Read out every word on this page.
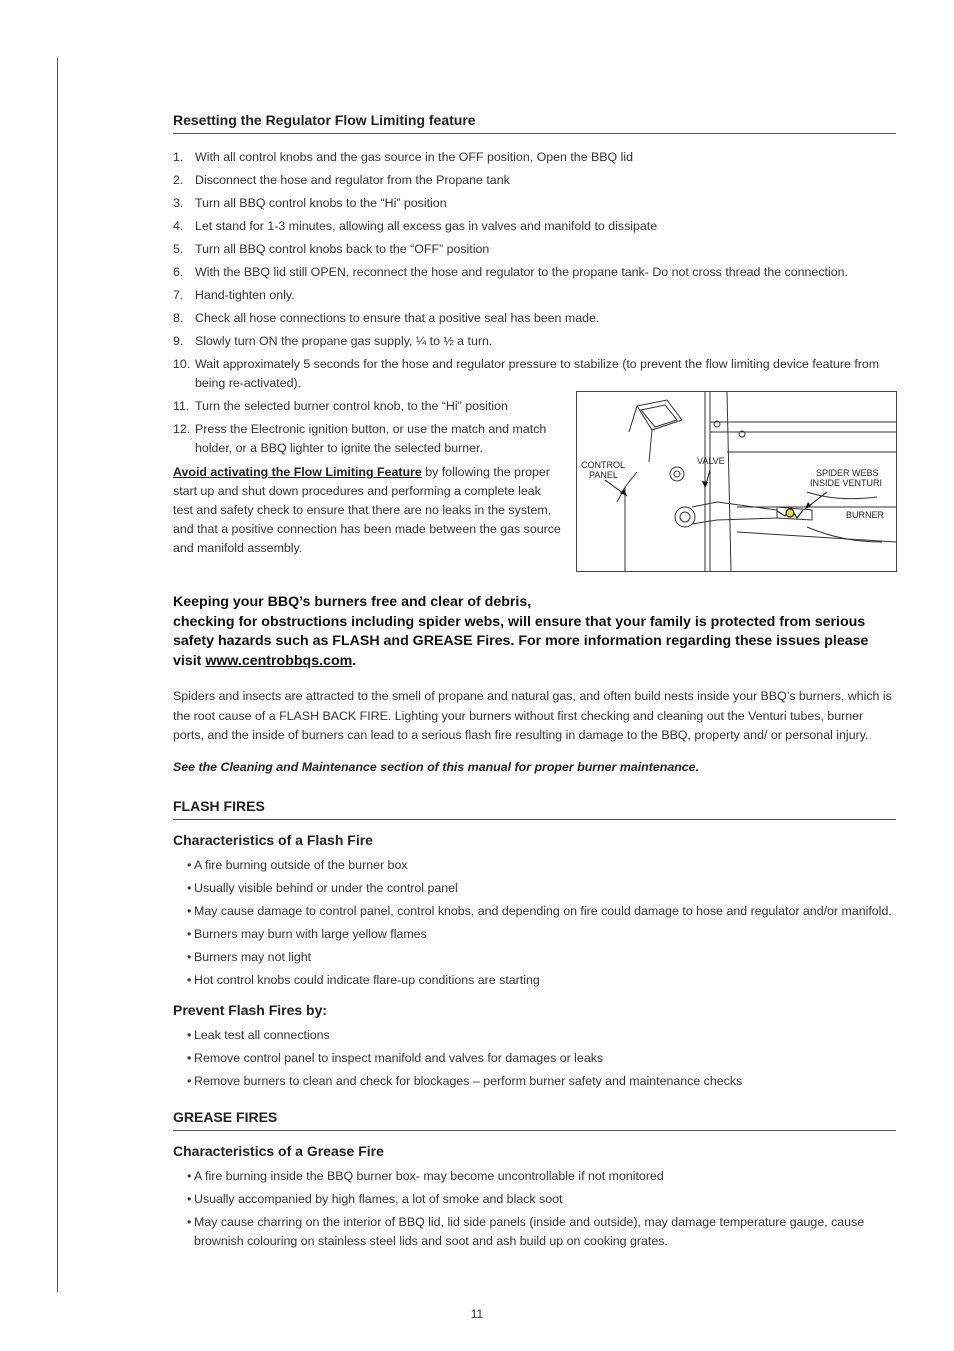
Resetting the Regulator Flow Limiting feature
1. With all control knobs and the gas source in the OFF position, Open the BBQ lid
2. Disconnect the hose and regulator from the Propane tank
3. Turn all BBQ control knobs to the “Hi” position
4. Let stand for 1-3 minutes, allowing all excess gas in valves and manifold to dissipate
5. Turn all BBQ control knobs back to the “OFF” position
6. With the BBQ lid still OPEN, reconnect the hose and regulator to the propane tank- Do not cross thread the connection.
7. Hand-tighten only.
8. Check all hose connections to ensure that a positive seal has been made.
9. Slowly turn ON the propane gas supply, ¼ to ½ a turn.
10. Wait approximately 5 seconds for the hose and regulator pressure to stabilize (to prevent the flow limiting device feature from being re-activated).
11. Turn the selected burner control knob, to the “Hi” position
12. Press the Electronic ignition button, or use the match and match holder, or a BBQ lighter to ignite the selected burner.
Avoid activating the Flow Limiting Feature by following the proper start up and shut down procedures and performing a complete leak test and safety check to ensure that there are no leaks in the system, and that a positive connection has been made between the gas source and manifold assembly.
CONTROL
PANEL
VALVE
SPIDER WEBS
INSIDE VENTURI
BURNER
Keeping your BBQ’s burners free and clear of debris,
checking for obstructions including spider webs, will ensure that your family is protected from serious safety hazards such as FLASH and GREASE Fires. For more information regarding these issues please visit www.centrobbqs.com.

Spiders and insects are attracted to the smell of propane and natural gas, and often build nests inside your BBQ’s burners, which is the root cause of a FLASH BACK FIRE. Lighting your burners without first checking and cleaning out the Venturi tubes, burner ports, and the inside of burners can lead to a serious flash fire resulting in damage to the BBQ, property and/ or personal injury.

See the Cleaning and Maintenance section of this manual for proper burner maintenance.
FLASH FIRES
Characteristics of a Flash Fire
• A fire burning outside of the burner box
• Usually visible behind or under the control panel
• May cause damage to control panel, control knobs, and depending on fire could damage to hose and regulator and/or manifold.
• Burners may burn with large yellow flames
• Burners may not light
• Hot control knobs could indicate flare-up conditions are starting
Prevent Flash Fires by:
• Leak test all connections
• Remove control panel to inspect manifold and valves for damages or leaks
• Remove burners to clean and check for blockages – perform burner safety and maintenance checks
GREASE FIRES
Characteristics of a Grease Fire
• A fire burning inside the BBQ burner box- may become uncontrollable if not monitored
• Usually accompanied by high flames, a lot of smoke and black soot
• May cause charring on the interior of BBQ lid, lid side panels (inside and outside), may damage temperature gauge, cause brownish colouring on stainless steel lids and soot and ash build up on cooking grates.
11
